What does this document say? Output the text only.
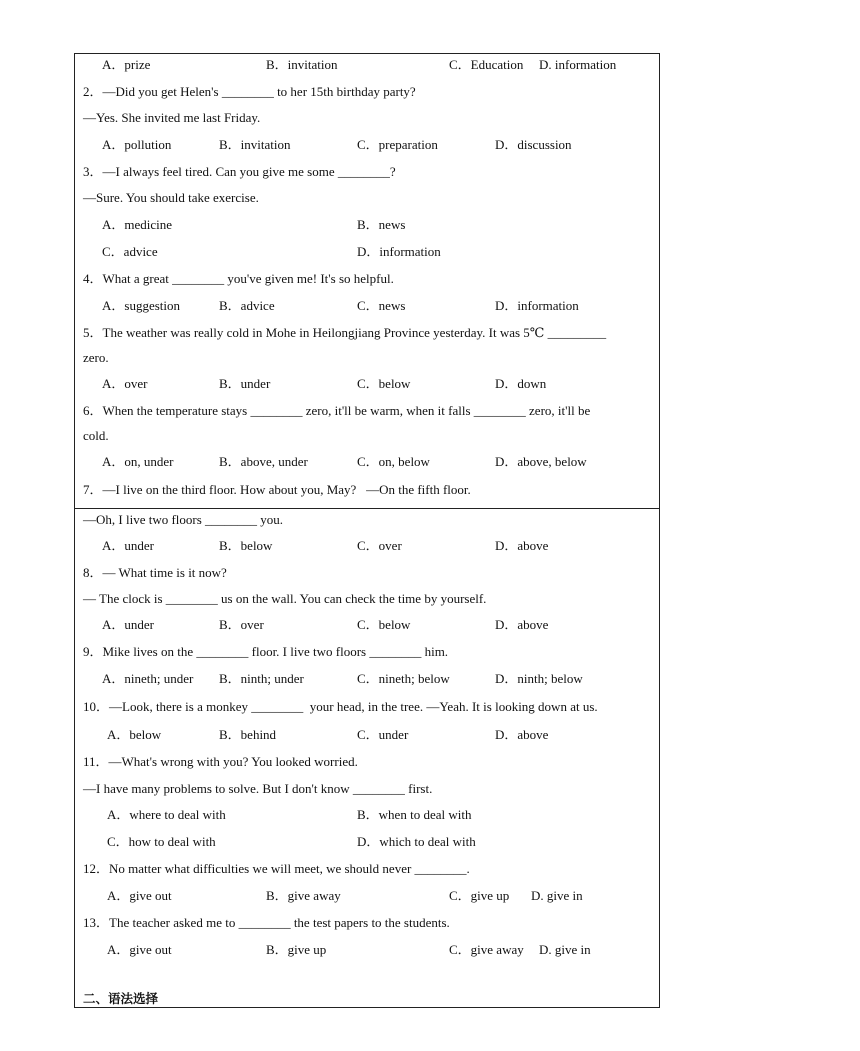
A．prize	B．invitation	C．Education D. information
2．—Did you get Helen's ________ to her 15th birthday party?
—Yes. She invited me last Friday.
A．pollution	B．invitation	C．preparation	D．discussion
3．—I always feel tired. Can you give me some ________?
—Sure. You should take exercise.
A．medicine	B．news
C．advice	D．information
4．What a great ________ you've given me! It's so helpful.
A．suggestion	B．advice	C．news	D．information
5．The weather was really cold in Mohe in Heilongjiang Province yesterday. It was 5℃ _________
zero.
A．over	B．under	C．below	D．down
6．When the temperature stays ________ zero, it'll be warm, when it falls ________ zero, it'll be
cold.
A．on, under	B．above, under	C．on, below	D．above, below
7．—I live on the third floor. How about you, May?   —On the fifth floor.
—Oh, I live two floors ________ you.
A．under	B．below	C．over	D．above
8．— What time is it now?
— The clock is ________ us on the wall. You can check the time by yourself.
A．under	B．over	C．below	D．above
9．Mike lives on the ________ floor. I live two floors ________ him.
A．nineth; under B．ninth; under	C．nineth; below	D．ninth; below
10．—Look, there is a monkey ________  your head, in the tree. —Yeah. It is looking down at us.
A．below	B．behind	C．under	D．above
11．—What's wrong with you? You looked worried.
—I have many problems to solve. But I don't know ________ first.
A．where to deal with	B．when to deal with
C．how to deal with	D．which to deal with
12．No matter what difficulties we will meet, we should never ________.
A．give out	B．give away	C．give up D. give in
13．The teacher asked me to ________ the test papers to the students.
A．give out	B．give up	C．give away D. give in
二、语法选择
